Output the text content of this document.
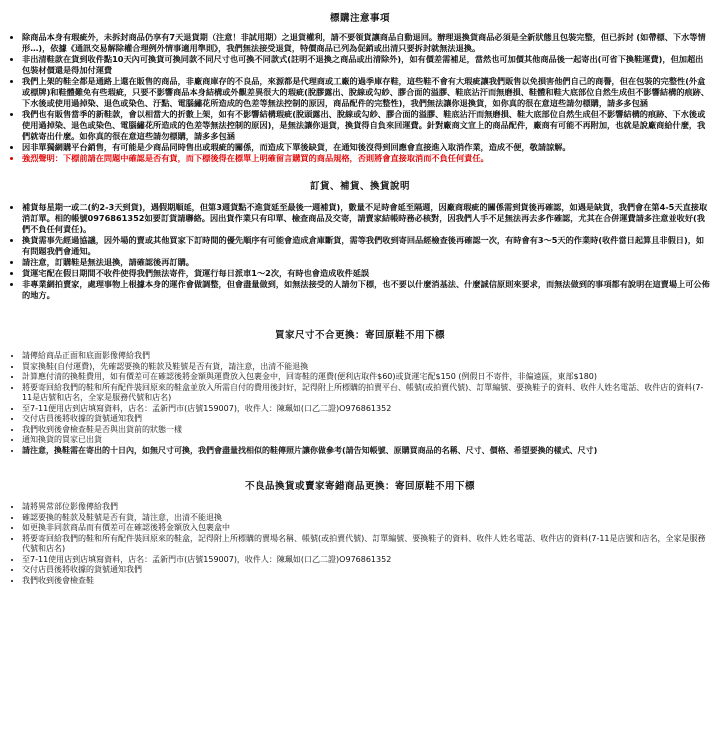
標購注意事項
• 除商品本身有瑕疵外，未拆封商品仍享有7天退貨期（注意！非試用期）之退貨權利，請不要領貨讓商品自動退回。辦理退換貨商品必須是全新狀態且包裝完整，但已拆封 (如帶標、下水等情形…)，依據《通訊交易解除權合理例外情事適用準則》，我們無法接受退貨，特價商品已列為促銷或出清只要拆封就無法退換。
• 非出清鞋款在貨到收件點10天內可換貨可換同款不同尺寸也可換不同款式(註明不退換之商品或出清除外)，如有價差需補足，當然也可加價其他商品後一起寄出(可省下換鞋運費)，但加超出包裝材價還是得加付運費
• 我們上架的鞋全都是通路上還在販售的商品，非廠商庫存的不良品，來源都是代理商或工廠的過季庫存鞋，這些鞋不會有大瑕疵讓我們販售以免損害他們自己的商譽，但在包裝的完整性(外盒或標牌)和鞋體難免有些瑕疵，只要不影響商品本身結構或外觀差異很大的瑕疵(脫膠露出、脫線或勾紗、膠合面的溢膠、鞋底沾汗而無磨損、鞋體和鞋大底部位自然生成但不影響結構的痕跡、下水後或使用過掉染、退色或染色、汙點、電腦繡花所造成的色差等無法控制的原因，商品配件的完整性)，我們無法讓你退換貨，如你真的很在意這些請勿標購，請多多包涵
• 我們也有販售當季的新鞋款，會以相當大的折數上架，如有不影響結構瑕疵(脫頭露出、脫線或勾紗、膠合面的溢膠、鞋底沾汗而無磨損、鞋大底部位自然生成但不影響結構的痕跡、下水後或使用過掉染、退色或染色、電腦繡花所造成的色差等無法控制的原因)，是無法讓你退貨，換貨得自負來回運費。針對廠商文宣上的商品配件，廠商有可能不再附加，也就是說廠商給什麼，我們就寄出什麼。如你真的很在意這些請勿標購，請多多包涵
• 因非單獨網購平台銷售，有可能是少商品同時售出或瑕疵的關係，而造成下單後缺貨，在通知後沒得到回應會直接進入取消作業，造成不便，敬請諒解。
• 強烈聲明：下標前請在問題中確認是否有貨，而下標後得在標單上明確留言購買的商品規格，否則將會直接取消而不負任何責任。
訂貨、補貨、換貨說明
• 補貨每星期一或二(約2-3天到貨)，遇假期順延，但第3週貨點不進貨延至最後一週補貨)，數量不足時會延至隔週，因廠商瑕疵的關係需到貨後再確認，如遇是缺貨，我們會在第4-5天直接取消訂單。相的帳號0976861352如要訂貨請聯絡。因出貨作業只有印單、檢查商品及交寄，請賣家結帳時務必核對，因我們人手不足無法再去多作確認，尤其在合併運費請多注意並收好(我們不負任何責任)。
• 換貨需事先經過協議，因外場的賣或其他買家下訂時間的優先順序有可能會造成倉庫斷貨，需等我們收到寄回品經檢查後再確認一次，有時會有3～5天的作業時(收件當日起算且非假日)，如有問題我們會通知。
• 請注意，訂購鞋是無法退換，請確認後再訂購。
• 貨運宅配在假日期間不收件使得我們無法寄件，貨運行每日派車1～2次，有時也會造成收件延誤
• 非專業網拍賣家，處理事物上根據本身的運作會做調整，但會盡量做到，如無法接受的人請勿下標，也不要以什麼消基法、什麼誠信原則來要求，而無法做到的事項都有說明在這賣場上可公佈的地方。
買家尺寸不合更換：寄回原鞋不用下標
• 請傳給商品正面和底面影像傳給我們
• 買家換鞋(自付運費)，先確認要換的鞋款及鞋號是否有貨，請注意，出清不能退換
• 計算應付清的換鞋費用，如有價差可在確認後將金額與運費放入包裹金中，回寄鞋的運費(便利店取件$60)或貨運宅配$150 (例假日不寄件，非偏遠區，東部$180)
• 將要寄回給我們的鞋和所有配件裝回原來的鞋盒並放入所需自付的費用後封好，記得附上所標購的拍賣平台、帳號(或拍賣代號)、訂單編號、要換鞋子的資料、收件人姓名電話、收件店的資料(7-11是店號和店名，全家是服務代號和店名)
• 至7-11便用店到店填寫資料，店名：孟新門市(店號159007)，收件人：陳珮如(口乙二證)O976861352
• 交付店員後將收據的貨號通知我們
• 我們收到後會檢查鞋是否與出貨前的狀態一樣
• 通知換貨的買家已出貨
• 請注意，換鞋需在寄出的十日內，如無尺寸可換，我們會盡量找相似的鞋傳照片讓你做參考(請告知帳號、原購買商品的名稱、尺寸、價格、希望要換的樣式、尺寸)
不良品換貨或賣家寄錯商品更換：寄回原鞋不用下標
• 請將異常部位影像傳給我們
• 確認要換的鞋款及鞋號是否有貨，請注意，出清不能退換
• 如更換非同款商品而有價差可在確認後將金額放入包裹盒中
• 將要寄回給我們的鞋和所有配件裝回原來的鞋盒，記得附上所標購的賣場名稱、帳號(或拍賣代號)、訂單編號、要換鞋子的資料、收件人姓名電話、收件店的資料(7-11是店號和店名，全家是服務代號和店名)
• 至7-11使用店到店填寫資料，店名：孟新門市(店號159007)，收件人：陳珮如(口乙二證)O976861352
• 交付店員後將收據的貨號通知我們
• 我們收到後會檢查鞋
